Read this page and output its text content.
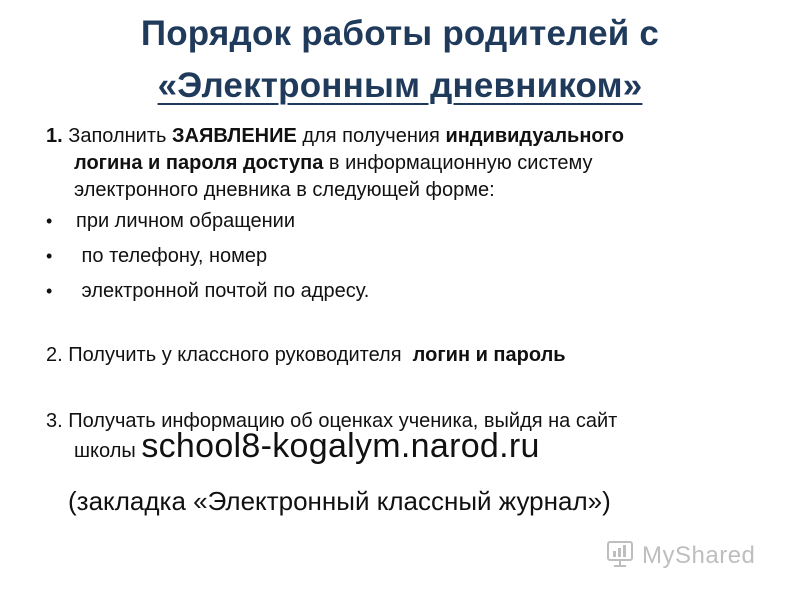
Порядок работы родителей с
«Электронным дневником»
1. Заполнить ЗАЯВЛЕНИЕ для получения индивидуального
логина и пароля доступа в информационную систему
электронного дневника в следующей форме:
• при личном обращении
• по телефону, номер
• электронной почтой по адресу.
2. Получить у классного руководителя  логин и пароль
3. Получать информацию об оценках ученика, выйдя на сайт
школы school8-kogalym.narod.ru
(закладка «Электронный классный журнал»)
MyShared
